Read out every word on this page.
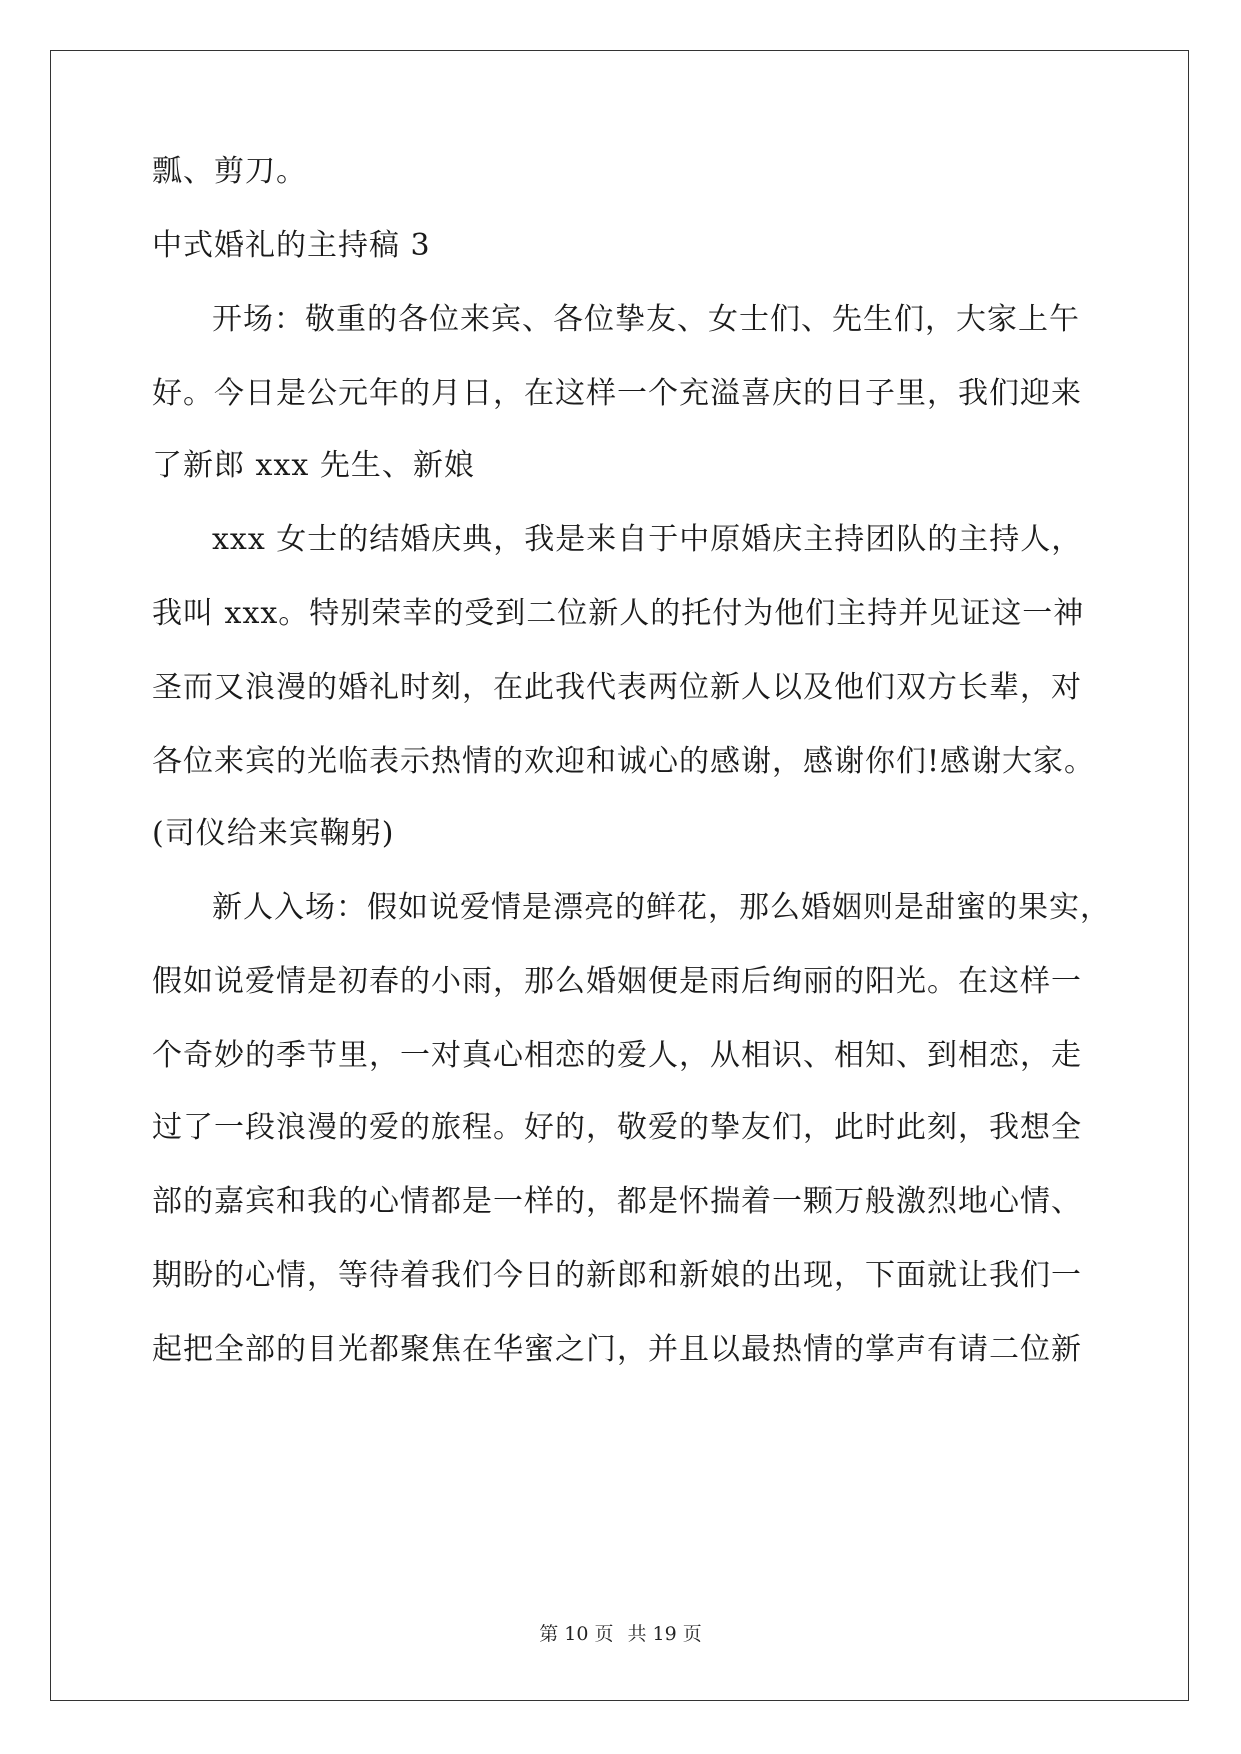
瓢、剪刀。
中式婚礼的主持稿 3
开场：敬重的各位来宾、各位挚友、女士们、先生们，大家上午
好。今日是公元年的月日，在这样一个充溢喜庆的日子里，我们迎来
了新郎 xxx 先生、新娘
xxx 女士的结婚庆典，我是来自于中原婚庆主持团队的主持人，
我叫 xxx。特别荣幸的受到二位新人的托付为他们主持并见证这一神
圣而又浪漫的婚礼时刻，在此我代表两位新人以及他们双方长辈，对
各位来宾的光临表示热情的欢迎和诚心的感谢，感谢你们!感谢大家。
(司仪给来宾鞠躬)
新人入场：假如说爱情是漂亮的鲜花，那么婚姻则是甜蜜的果实，
假如说爱情是初春的小雨，那么婚姻便是雨后绚丽的阳光。在这样一
个奇妙的季节里，一对真心相恋的爱人，从相识、相知、到相恋，走
过了一段浪漫的爱的旅程。好的，敬爱的挚友们，此时此刻，我想全
部的嘉宾和我的心情都是一样的，都是怀揣着一颗万般激烈地心情、
期盼的心情，等待着我们今日的新郎和新娘的出现，下面就让我们一
起把全部的目光都聚焦在华蜜之门，并且以最热情的掌声有请二位新
第 10 页 共 19 页
